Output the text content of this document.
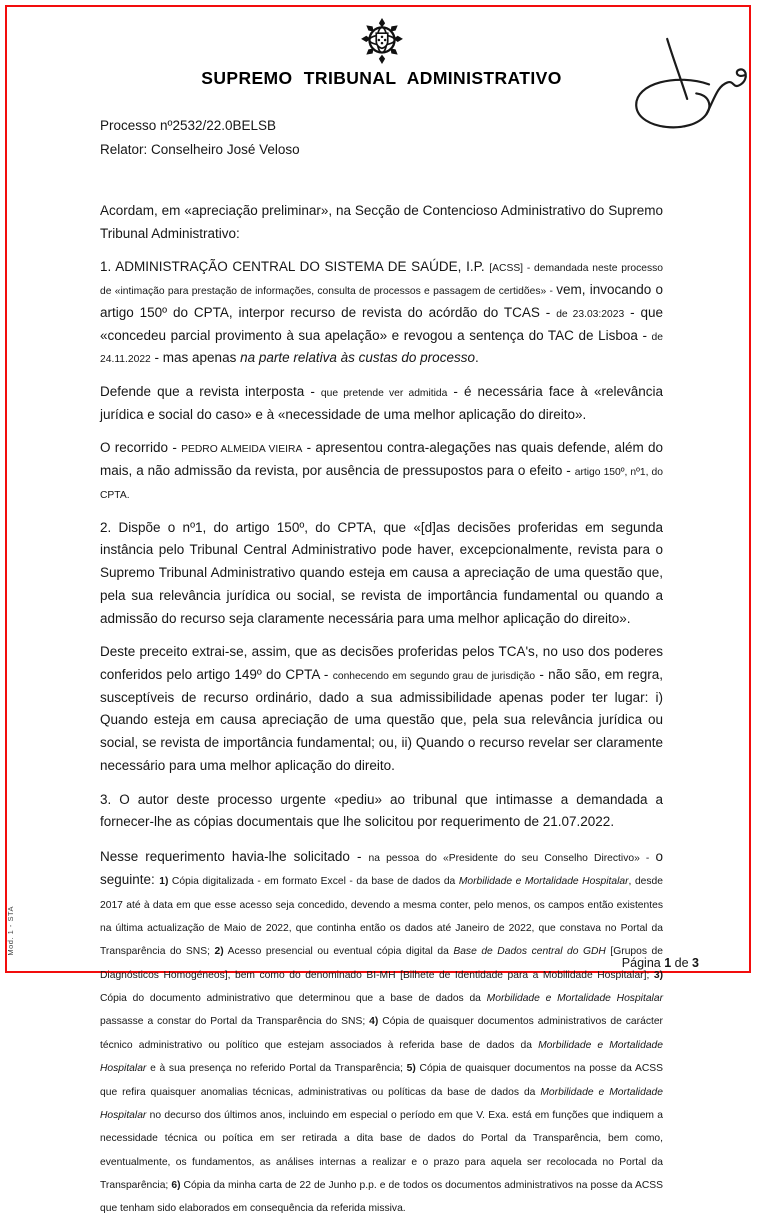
SUPREMO TRIBUNAL ADMINISTRATIVO

Processo nº2532/22.0BELSB

Relator: Conselheiro José Veloso

Acordam, em «apreciação preliminar», na Secção de Contencioso Administrativo do Supremo Tribunal Administrativo:

1. ADMINISTRAÇÃO CENTRAL DO SISTEMA DE SAÚDE, I.P. [ACSS] - demandada neste processo de «intimação para prestação de informações, consulta de processos e passagem de certidões» - vem, invocando o artigo 150º do CPTA, interpor recurso de revista do acórdão do TCAS - de 23.03:2023 - que «concedeu parcial provimento à sua apelação» e revogou a sentença do TAC de Lisboa - de 24.11.2022 - mas apenas na parte relativa às custas do processo.

Defende que a revista interposta - que pretende ver admitida - é necessária face à «relevância jurídica e social do caso» e à «necessidade de uma melhor aplicação do direito».

O recorrido - PEDRO ALMEIDA VIEIRA - apresentou contra-alegações nas quais defende, além do mais, a não admissão da revista, por ausência de pressupostos para o efeito - artigo 150º, nº1, do CPTA.

2. Dispõe o nº1, do artigo 150º, do CPTA, que «[d]as decisões proferidas em segunda instância pelo Tribunal Central Administrativo pode haver, excepcionalmente, revista para o Supremo Tribunal Administrativo quando esteja em causa a apreciação de uma questão que, pela sua relevância jurídica ou social, se revista de importância fundamental ou quando a admissão do recurso seja claramente necessária para uma melhor aplicação do direito».

Deste preceito extrai-se, assim, que as decisões proferidas pelos TCA's, no uso dos poderes conferidos pelo artigo 149º do CPTA - conhecendo em segundo grau de jurisdição - não são, em regra, susceptíveis de recurso ordinário, dado a sua admissibilidade apenas poder ter lugar: i) Quando esteja em causa apreciação de uma questão que, pela sua relevância jurídica ou social, se revista de importância fundamental; ou, ii) Quando o recurso revelar ser claramente necessário para uma melhor aplicação do direito.

3. O autor deste processo urgente «pediu» ao tribunal que intimasse a demandada a fornecer-lhe as cópias documentais que lhe solicitou por requerimento de 21.07.2022.

Nesse requerimento havia-lhe solicitado - na pessoa do «Presidente do seu Conselho Directivo» - o seguinte: 1) Cópia digitalizada - em formato Excel - da base de dados da Morbilidade e Mortalidade Hospitalar, desde 2017 até à data em que esse acesso seja concedido, devendo a mesma conter, pelo menos, os campos então existentes na última actualização de Maio de 2022, que continha então os dados até Janeiro de 2022, que constava no Portal da Transparência do SNS; 2) Acesso presencial ou eventual cópia digital da Base de Dados central do GDH [Grupos de Diagnósticos Homogéneos], bem como do denominado BI-MH [Bilhete de Identidade para a Mobilidade Hospitalar]; 3) Cópia do documento administrativo que determinou que a base de dados da Morbilidade e Mortalidade Hospitalar passasse a constar do Portal da Transparência do SNS; 4) Cópia de quaisquer documentos administrativos de carácter técnico administrativo ou político que estejam associados à referida base de dados da Morbilidade e Mortalidade Hospitalar e à sua presença no referido Portal da Transparência; 5) Cópia de quaisquer documentos na posse da ACSS que refira quaisquer anomalias técnicas, administrativas ou políticas da base de dados da Morbilidade e Mortalidade Hospitalar no decurso dos últimos anos, incluindo em especial o período em que V. Exa. está em funções que indiquem a necessidade técnica ou poítica em ser retirada a dita base de dados do Portal da Transparência, bem como, eventualmente, os fundamentos, as análises internas a realizar e o prazo para aquela ser recolocada no Portal da Transparência; 6) Cópia da minha carta de 22 de Junho p.p. e de todos os documentos administrativos na posse da ACSS que tenham sido elaborados em consequência da referida missiva.

Mod. 1 - STA
Página 1 de 3
